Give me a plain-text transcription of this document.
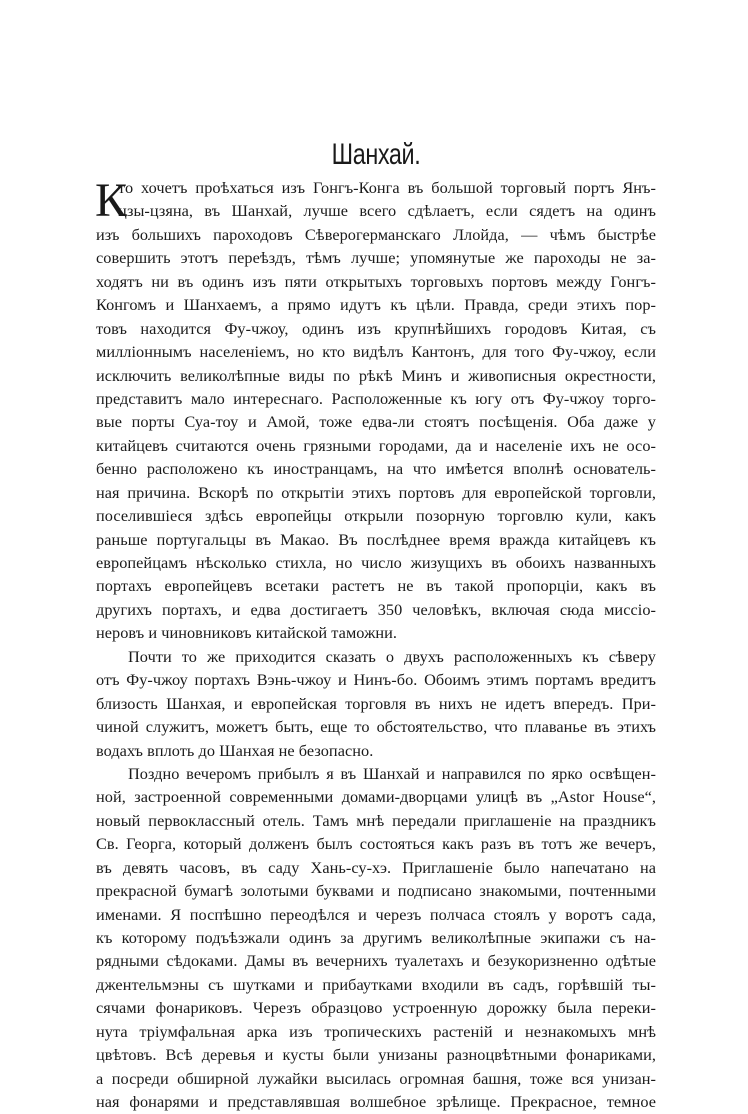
Шанхай.
К
то хочетъ проѣхаться изъ Гонгъ-Конга въ большой торговый портъ Янъ-
цзы-цзяна, въ Шанхай, лучше всего сдѣлаетъ, если сядетъ на одинъ
изъ большихъ пароходовъ Сѣверогерманскаго Ллойда, — чѣмъ быстрѣе
совершить этотъ переѣздъ, тѣмъ лучше; упомянутые же пароходы не за-
ходятъ ни въ одинъ изъ пяти открытыхъ торговыхъ портовъ между Гонгъ-
Конгомъ и Шанхаемъ, а прямо идутъ къ цѣли. Правда, среди этихъ пор-
товъ находится Фу-чжоу, одинъ изъ крупнѣйшихъ городовъ Китая, съ
милліоннымъ населеніемъ, но кто видѣлъ Кантонъ, для того Фу-чжоу, если
исключить великолѣпные виды по рѣкѣ Минъ и живописныя окрестности,
представитъ мало интереснаго. Расположенные къ югу отъ Фу-чжоу торго-
вые порты Суа-тоу и Амой, тоже едва-ли стоятъ посѣщенія. Оба даже у
китайцевъ считаются очень грязными городами, да и населеніе ихъ не осо-
бенно расположено къ иностранцамъ, на что имѣется вполнѣ основатель-
ная причина. Вскорѣ по открытіи этихъ портовъ для европейской торговли,
поселившіеся здѣсь европейцы открыли позорную торговлю кули, какъ
раньше португальцы въ Макао. Въ послѣднее время вражда китайцевъ къ
европейцамъ нѣсколько стихла, но число жизущихъ въ обоихъ названныхъ
портахъ европейцевъ всетаки растетъ не въ такой пропорціи, какъ въ
другихъ портахъ, и едва достигаетъ 350 человѣкъ, включая сюда миссіо-
неровъ и чиновниковъ китайской таможни.
Почти то же приходится сказать о двухъ расположенныхъ къ сѣверу
отъ Фу-чжоу портахъ Вэнь-чжоу и Нинъ-бо. Обоимъ этимъ портамъ вредитъ
близость Шанхая, и европейская торговля въ нихъ не идетъ впередъ. При-
чиной служитъ, можетъ быть, еще то обстоятельство, что плаванье въ этихъ
водахъ вплоть до Шанхая не безопасно.
Поздно вечеромъ прибылъ я въ Шанхай и направился по ярко освѣщен-
ной, застроенной современными домами-дворцами улицѣ въ „Astor House“,
новый первоклассный отель. Тамъ мнѣ передали приглашеніе на праздникъ
Св. Георга, который долженъ былъ состояться какъ разъ въ тотъ же вечеръ,
въ девять часовъ, въ саду Хань-су-хэ. Приглашеніе было напечатано на
прекрасной бумагѣ золотыми буквами и подписано знакомыми, почтенными
именами. Я поспѣшно переодѣлся и черезъ полчаса стоялъ у воротъ сада,
къ которому подъѣзжали одинъ за другимъ великолѣпные экипажи съ на-
рядными сѣдоками. Дамы въ вечернихъ туалетахъ и безукоризненно одѣтые
джентельмэны съ шутками и прибаутками входили въ садъ, горѣвшій ты-
сячами фонариковъ. Черезъ образцово устроенную дорожку была переки-
нута тріумфальная арка изъ тропическихъ растеній и незнакомыхъ мнѣ
цвѣтовъ. Всѣ деревья и кусты были унизаны разноцвѣтными фонариками,
а посреди обширной лужайки высилась огромная башня, тоже вся унизан-
ная фонарями и представлявшая волшебное зрѣлище. Прекрасное, темное
